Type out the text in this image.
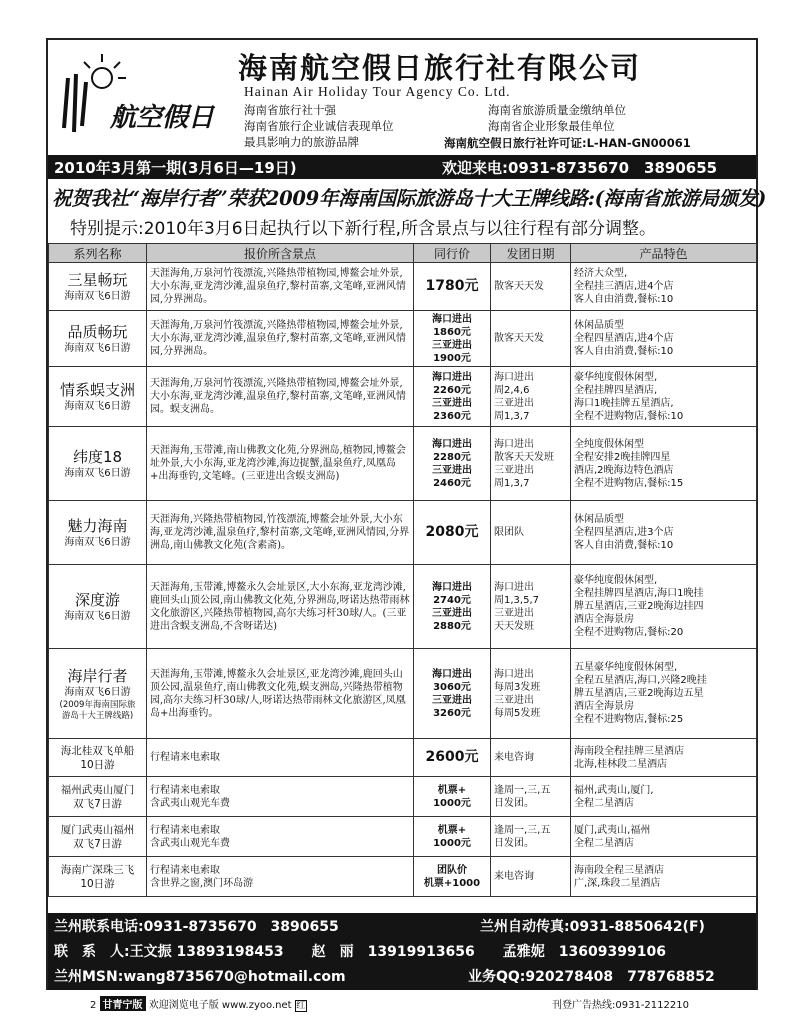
航空假日
海南航空假日旅行社有限公司
Hainan Air Holiday Tour Agency Co. Ltd.
海南省旅行社十强	海南省旅游质量金缴纳单位
海南省旅行企业诚信表现单位	海南省企业形象最佳单位
最具影响力的旅游品牌	海南航空假日旅行社许可证:L-HAN-GN00061
2010年3月第一期(3月6日—19日)	欢迎来电:0931-8735670　3890655
祝贺我社“海岸行者”荣获2009年海南国际旅游岛十大王牌线路:(海南省旅游局颁发)
特别提示:2010年3月6日起执行以下新行程,所含景点与以往行程有部分调整。
系列名称	报价所含景点	同行价	发团日期	产品特色

三星畅玩
海南双飞6日游	天涯海角,万泉河竹筏漂流,兴隆热带植物园,博鳌会址外景,大小东海,亚龙湾沙滩,温泉鱼疗,黎村苗寨,文笔峰,亚洲风情园,分界洲岛。	1780元	散客天天发	经济大众型,
全程挂三酒店,进4个店
客人自由消费,餐标:10

品质畅玩
海南双飞6日游	天涯海角,万泉河竹筏漂流,兴隆热带植物园,博鳌会址外景,大小东海,亚龙湾沙滩,温泉鱼疗,黎村苗寨,文笔峰,亚洲风情园,分界洲岛。	海口进出
1860元
三亚进出
1900元	散客天天发	休闲品质型
全程四星酒店,进4个店
客人自由消费,餐标:10

情系蜈支洲
海南双飞6日游	天涯海角,万泉河竹筏漂流,兴隆热带植物园,博鳌会址外景,大小东海,亚龙湾沙滩,温泉鱼疗,黎村苗寨,文笔峰,亚洲风情园。蜈支洲岛。	海口进出
2260元
三亚进出
2360元	海口进出
周2,4,6
三亚进出
周1,3,7	豪华纯度假休闲型,
全程挂牌四星酒店,
海口1晚挂牌五星酒店,
全程不进购物店,餐标:10

纬度18
海南双飞6日游	天涯海角,玉带滩,南山佛教文化苑,分界洲岛,植物园,博鳌会址外景,大小东海,亚龙湾沙滩,海边捉蟹,温泉鱼疗,凤凰岛+出海垂钓,文笔峰。(三亚进出含蜈支洲岛)	海口进出
2280元
三亚进出
2460元	海口进出
散客天天发班
三亚进出
周1,3,7	全纯度假休闲型
全程安排2晚挂牌四星
酒店,2晚海边特色酒店
全程不进购物店,餐标:15

魅力海南
海南双飞6日游	天涯海角,兴隆热带植物园,竹筏漂流,博鳌会址外景,大小东海,亚龙湾沙滩,温泉鱼疗,黎村苗寨,文笔峰,亚洲风情园,分界洲岛,南山佛教文化苑(含素斋)。	2080元	限团队	休闲品质型
全程四星酒店,进3个店
客人自由消费,餐标:10

深度游
海南双飞6日游	天涯海角,玉带滩,博鳌永久会址景区,大小东海,亚龙湾沙滩,鹿回头山顶公园,南山佛教文化苑,分界洲岛,呀诺达热带雨林文化旅游区,兴隆热带植物园,高尔夫练习杆30球/人。(三亚进出含蜈支洲岛,不含呀诺达)	海口进出
2740元
三亚进出
2880元	海口进出
周1,3,5,7
三亚进出
天天发班	豪华纯度假休闲型,
全程挂牌四星酒店,海口1晚挂
牌五星酒店,三亚2晚海边挂四
酒店全海景房
全程不进购物店,餐标:20

海岸行者
海南双飞6日游
(2009年海南国际旅
游岛十大王牌线路)	天涯海角,玉带滩,博鳌永久会址景区,亚龙湾沙滩,鹿回头山顶公园,温泉鱼疗,南山佛教文化苑,蜈支洲岛,兴隆热带植物园,高尔夫练习杆30球/人,呀诺达热带雨林文化旅游区,凤凰岛+出海垂钓。	海口进出
3060元
三亚进出
3260元	海口进出
每周3发班
三亚进出
每周5发班	五星豪华纯度假休闲型,
全程五星酒店,海口,兴隆2晚挂
牌五星酒店,三亚2晚海边五星
酒店全海景房
全程不进购物店,餐标:25

海北桂双飞单船
10日游	行程请来电索取	2600元	来电咨询	海南段全程挂牌三星酒店
北海,桂林段二星酒店

福州武夷山厦门
双飞7日游	行程请来电索取
含武夷山观光车费	机票+
1000元	逢周一,三,五
日发团。	福州,武夷山,厦门,
全程二星酒店

厦门武夷山福州
双飞7日游	行程请来电索取
含武夷山观光车费	机票+
1000元	逢周一,三,五
日发团。	厦门,武夷山,福州
全程二星酒店

海南广深珠三飞
10日游	行程请来电索取
含世界之窗,澳门环岛游	团队价
机票+1000	来电咨询	海南段全程三星酒店
广,深,珠段二星酒店
兰州联系电话:0931-8735670　3890655	兰州自动传真:0931-8850642(F)
联　系　人:王文振 13893198453　　赵　丽　13919913656　　孟雅妮　13609399106
兰州MSN:wang8735670@hotmail.com	业务QQ:920278408　778768852
2 甘青宁版 欢迎浏览电子版 www.zyoo.net 红	刊登广告热线:0931-2112210
